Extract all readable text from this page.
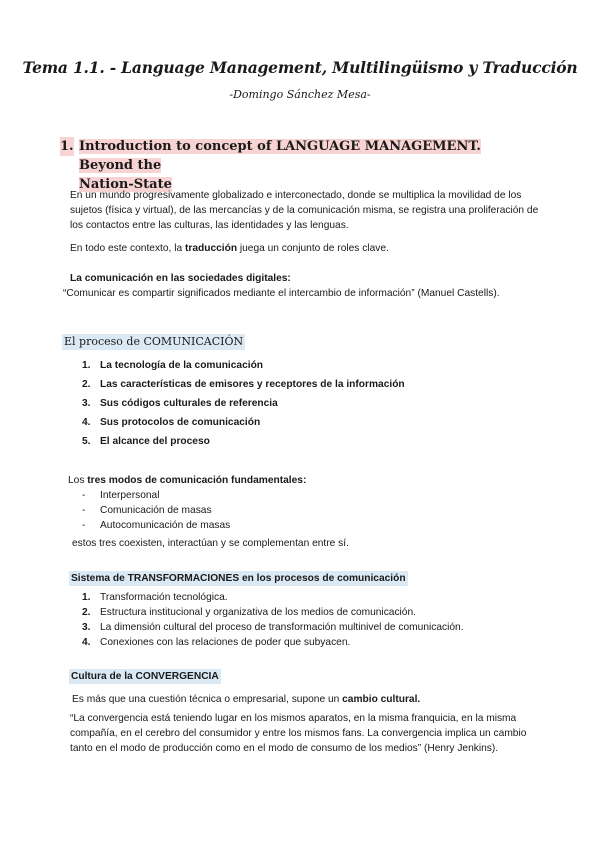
Tema 1.1. - Language Management, Multilingüismo y Traducción
-Domingo Sánchez Mesa-
1. Introduction to concept of LANGUAGE MANAGEMENT. Beyond the
Nation-State
En un mundo progresivamente globalizado e interconectado, donde se multiplica la movilidad de los sujetos (física y virtual), de las mercancías y de la comunicación misma, se registra una proliferación de los contactos entre las culturas, las identidades y las lenguas.
En todo este contexto, la traducción juega un conjunto de roles clave.
La comunicación en las sociedades digitales:
“Comunicar es compartir significados mediante el intercambio de información” (Manuel Castells).
El proceso de COMUNICACIÓN
1. La tecnología de la comunicación
2. Las características de emisores y receptores de la información
3. Sus códigos culturales de referencia
4. Sus protocolos de comunicación
5. El alcance del proceso
Los tres modos de comunicación fundamentales:
-	Interpersonal
-	Comunicación de masas
-	Autocomunicación de masas
estos tres coexisten, interactúan y se complementan entre sí.
Sistema de TRANSFORMACIONES en los procesos de comunicación
1. Transformación tecnológica.
2. Estructura institucional y organizativa de los medios de comunicación.
3. La dimensión cultural del proceso de transformación multinivel de comunicación.
4. Conexiones con las relaciones de poder que subyacen.
Cultura de la CONVERGENCIA
Es más que una cuestión técnica o empresarial, supone un cambio cultural.
“La convergencia está teniendo lugar en los mismos aparatos, en la misma franquicia, en la misma compañía, en el cerebro del consumidor y entre los mismos fans. La convergencia implica un cambio tanto en el modo de producción como en el modo de consumo de los medios” (Henry Jenkins).
